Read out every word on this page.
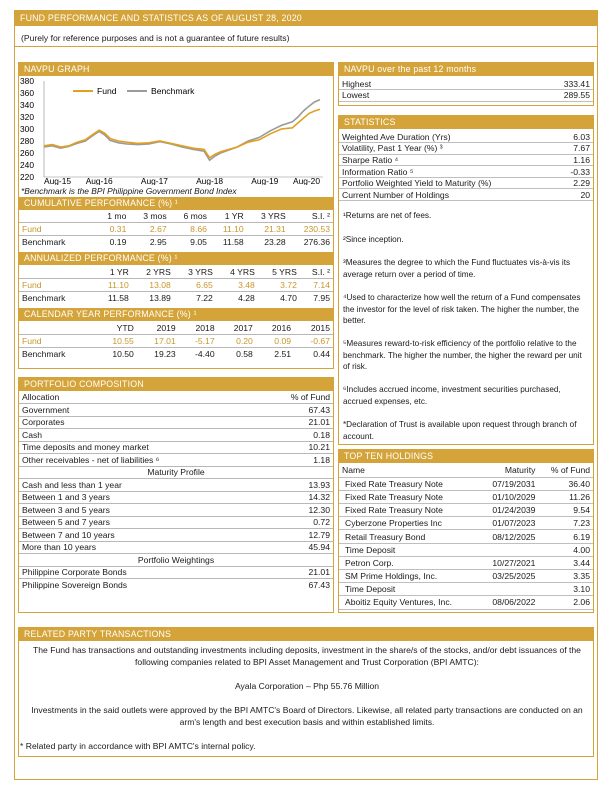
FUND PERFORMANCE AND STATISTICS AS OF AUGUST 28, 2020
(Purely for reference purposes and is not a guarantee of future results)
NAVPU GRAPH
380
360
340
320
300
280
260
240
220 Aug-15 Aug-16	Aug-17	Aug-18	Aug-19 Aug-20
Fund	Benchmark
*Benchmark is the BPI Philippine Government Bond Index
CUMULATIVE PERFORMANCE (%) ¹
	1 mo	3 mos	6 mos	1 YR	3 YRS	S.I. ²
Fund	0.31	2.67	8.66	11.10	21.31	230.53
Benchmark	0.19	2.95	9.05	11.58	23.28	276.36
ANNUALIZED PERFORMANCE (%) ¹
	1 YR	2 YRS	3 YRS	4 YRS	5 YRS	S.I. ²
Fund	11.10	13.08	6.65	3.48	3.72	7.14
Benchmark	11.58	13.89	7.22	4.28	4.70	7.95
CALENDAR YEAR PERFORMANCE (%) ¹
	YTD	2019	2018	2017	2016	2015
Fund	10.55	17.01	-5.17	0.20	0.09	-0.67
Benchmark	10.50	19.23	-4.40	0.58	2.51	0.44
PORTFOLIO COMPOSITION
Allocation	% of Fund
Government	67.43
Corporates	21.01
Cash	0.18
Time deposits and money market	10.21
Other receivables - net of liabilities ⁶	1.18
Maturity Profile	
Cash and less than 1 year	13.93
Between 1 and 3 years	14.32
Between 3 and 5 years	12.30
Between 5 and 7 years	0.72
Between 7 and 10 years	12.79
More than 10 years	45.94
Portfolio Weightings	
Philippine Corporate Bonds	21.01
Philippine Sovereign Bonds	67.43
NAVPU over the past 12 months
Highest	333.41
Lowest	289.55
STATISTICS
Weighted Ave Duration (Yrs)	6.03
Volatility, Past 1 Year (%) ³	7.67
Sharpe Ratio ⁴	1.16
Information Ratio ⁵	-0.33
Portfolio Weighted Yield to Maturity (%)	2.29
Current Number of Holdings	20
¹Returns are net of fees.
²Since inception.
³Measures the degree to which the Fund fluctuates vis-à-vis its average return over a period of time.
⁴Used to characterize how well the return of a Fund compensates the investor for the level of risk taken. The higher the number, the better.
⁵Measures reward-to-risk efficiency of the portfolio relative to the benchmark. The higher the number, the higher the reward per unit of risk.
⁶Includes accrued income, investment securities purchased, accrued expenses, etc.
*Declaration of Trust is available upon request through branch of account.
TOP TEN HOLDINGS
Name	Maturity	% of Fund
Fixed Rate Treasury Note	07/19/2031	36.40
Fixed Rate Treasury Note	01/10/2029	11.26
Fixed Rate Treasury Note	01/24/2039	9.54
Cyberzone Properties Inc	01/07/2023	7.23
Retail Treasury Bond	08/12/2025	6.19
Time Deposit		4.00
Petron Corp.	10/27/2021	3.44
SM Prime Holdings, Inc.	03/25/2025	3.35
Time Deposit		3.10
Aboitiz Equity Ventures, Inc.	08/06/2022	2.06
RELATED PARTY TRANSACTIONS
The Fund has transactions and outstanding investments including deposits, investment in the share/s of the stocks, and/or debt issuances of the following companies related to BPI Asset Management and Trust Corporation (BPI AMTC):
Ayala Corporation – Php 55.76 Million
Investments in the said outlets were approved by the BPI AMTC's Board of Directors. Likewise, all related party transactions are conducted on an arm's length and best execution basis and within established limits.
* Related party in accordance with BPI AMTC's internal policy.
